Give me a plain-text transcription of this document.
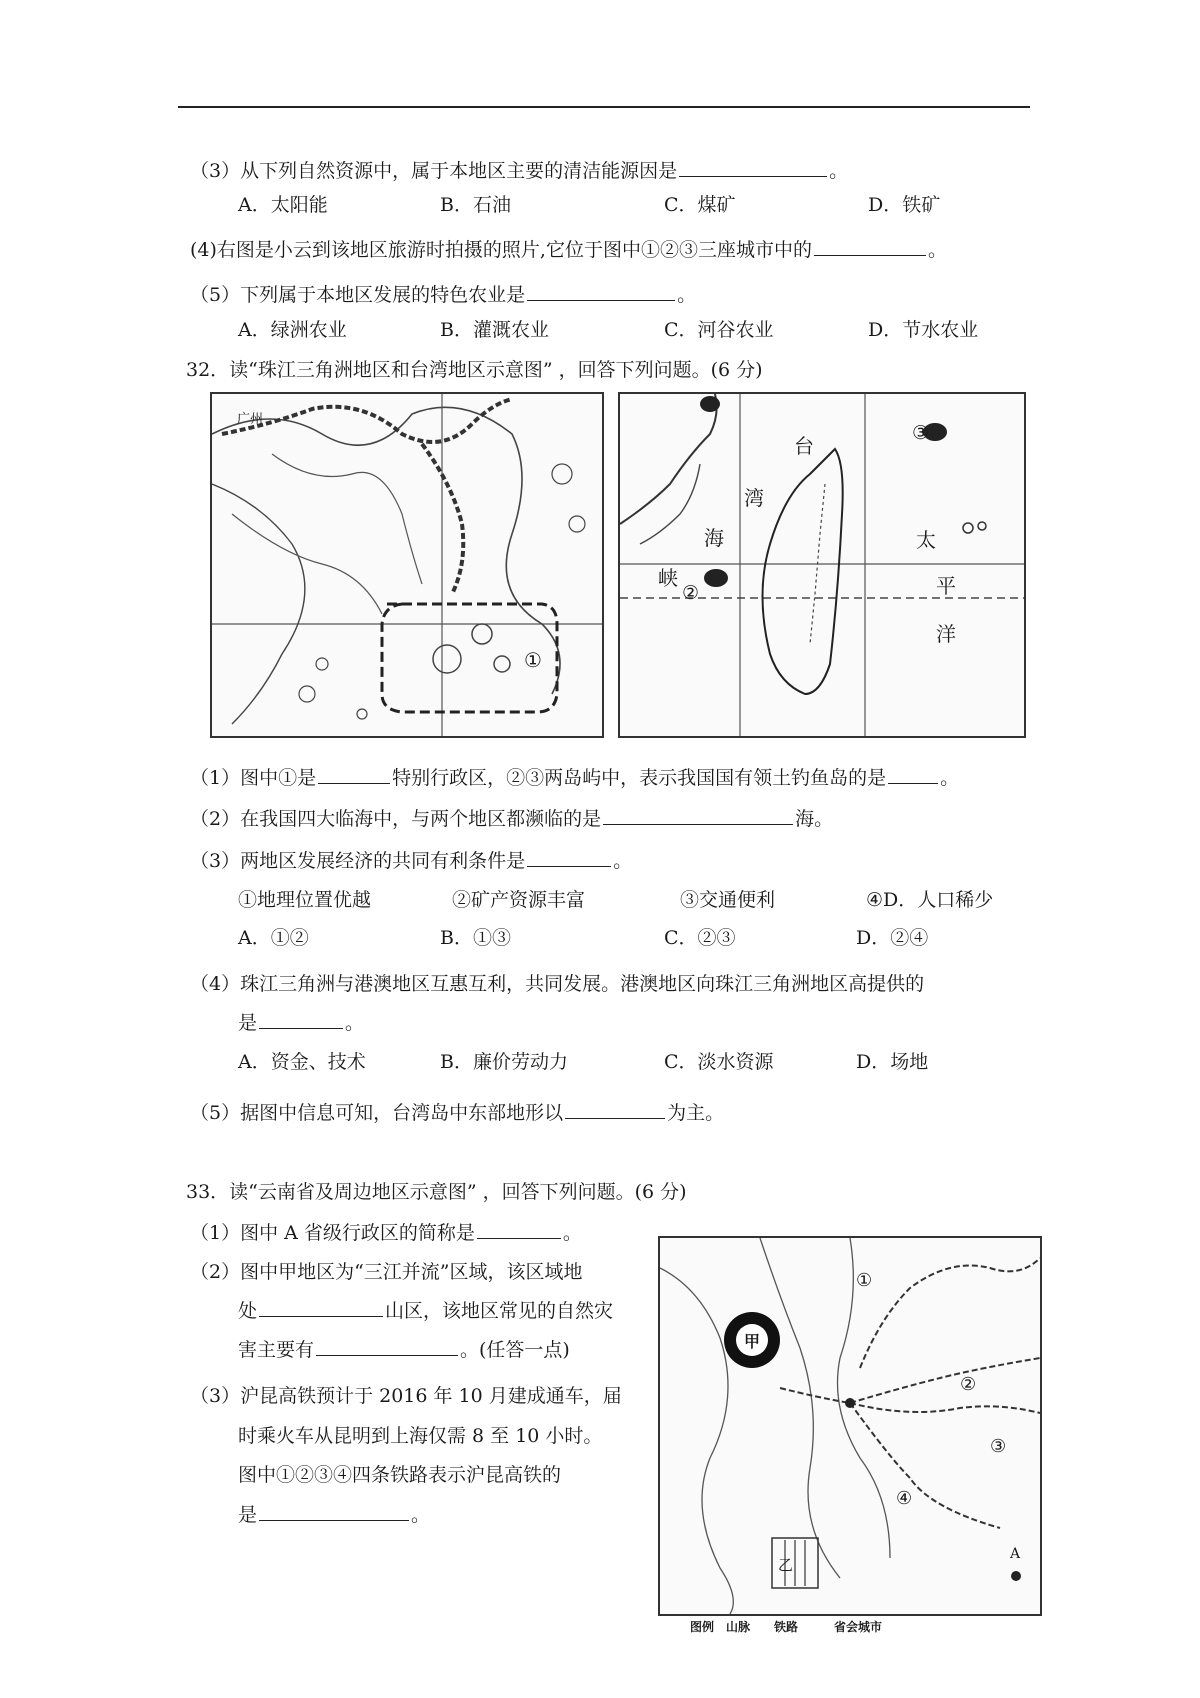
（3）从下列自然资源中，属于本地区主要的清洁能源因是	。
A．太阳能	B．石油	C．煤矿	D．铁矿
(4)右图是小云到该地区旅游时拍摄的照片,它位于图中①②③三座城市中的	。
（5）下列属于本地区发展的特色农业是	。
A．绿洲农业	B．灌溉农业	C．河谷农业	D．节水农业
32．读“珠江三角洲地区和台湾地区示意图” ，回答下列问题。(6 分)
广州
①
台
湾
海
峡
太
平
洋
②
③
（1）图中①是	特别行政区，②③两岛屿中，表示我国国有领土钓鱼岛的是	。
（2）在我国四大临海中，与两个地区都濒临的是	海。
（3）两地区发展经济的共同有利条件是	。
①地理位置优越	②矿产资源丰富	③交通便利	④D．人口稀少
A．①②	B．①③	C．②③	D．②④
（4）珠江三角洲与港澳地区互惠互利，共同发展。港澳地区向珠江三角洲地区高提供的
是	。
A．资金、技术	B．廉价劳动力	C．淡水资源	D．场地
（5）据图中信息可知，台湾岛中东部地形以	为主。
33．读“云南省及周边地区示意图” ，回答下列问题。(6 分)
（1）图中 A 省级行政区的简称是	。
（2）图中甲地区为“三江并流”区域，该区域地
处	山区，该地区常见的自然灾
害主要有	。(任答一点)
（3）沪昆高铁预计于 2016 年 10 月建成通车，届
时乘火车从昆明到上海仅需 8 至 10 小时。
图中①②③④四条铁路表示沪昆高铁的
是	。
甲
乙
A
①
②
③
④
图例　山脉　　铁路　　　省会城市
